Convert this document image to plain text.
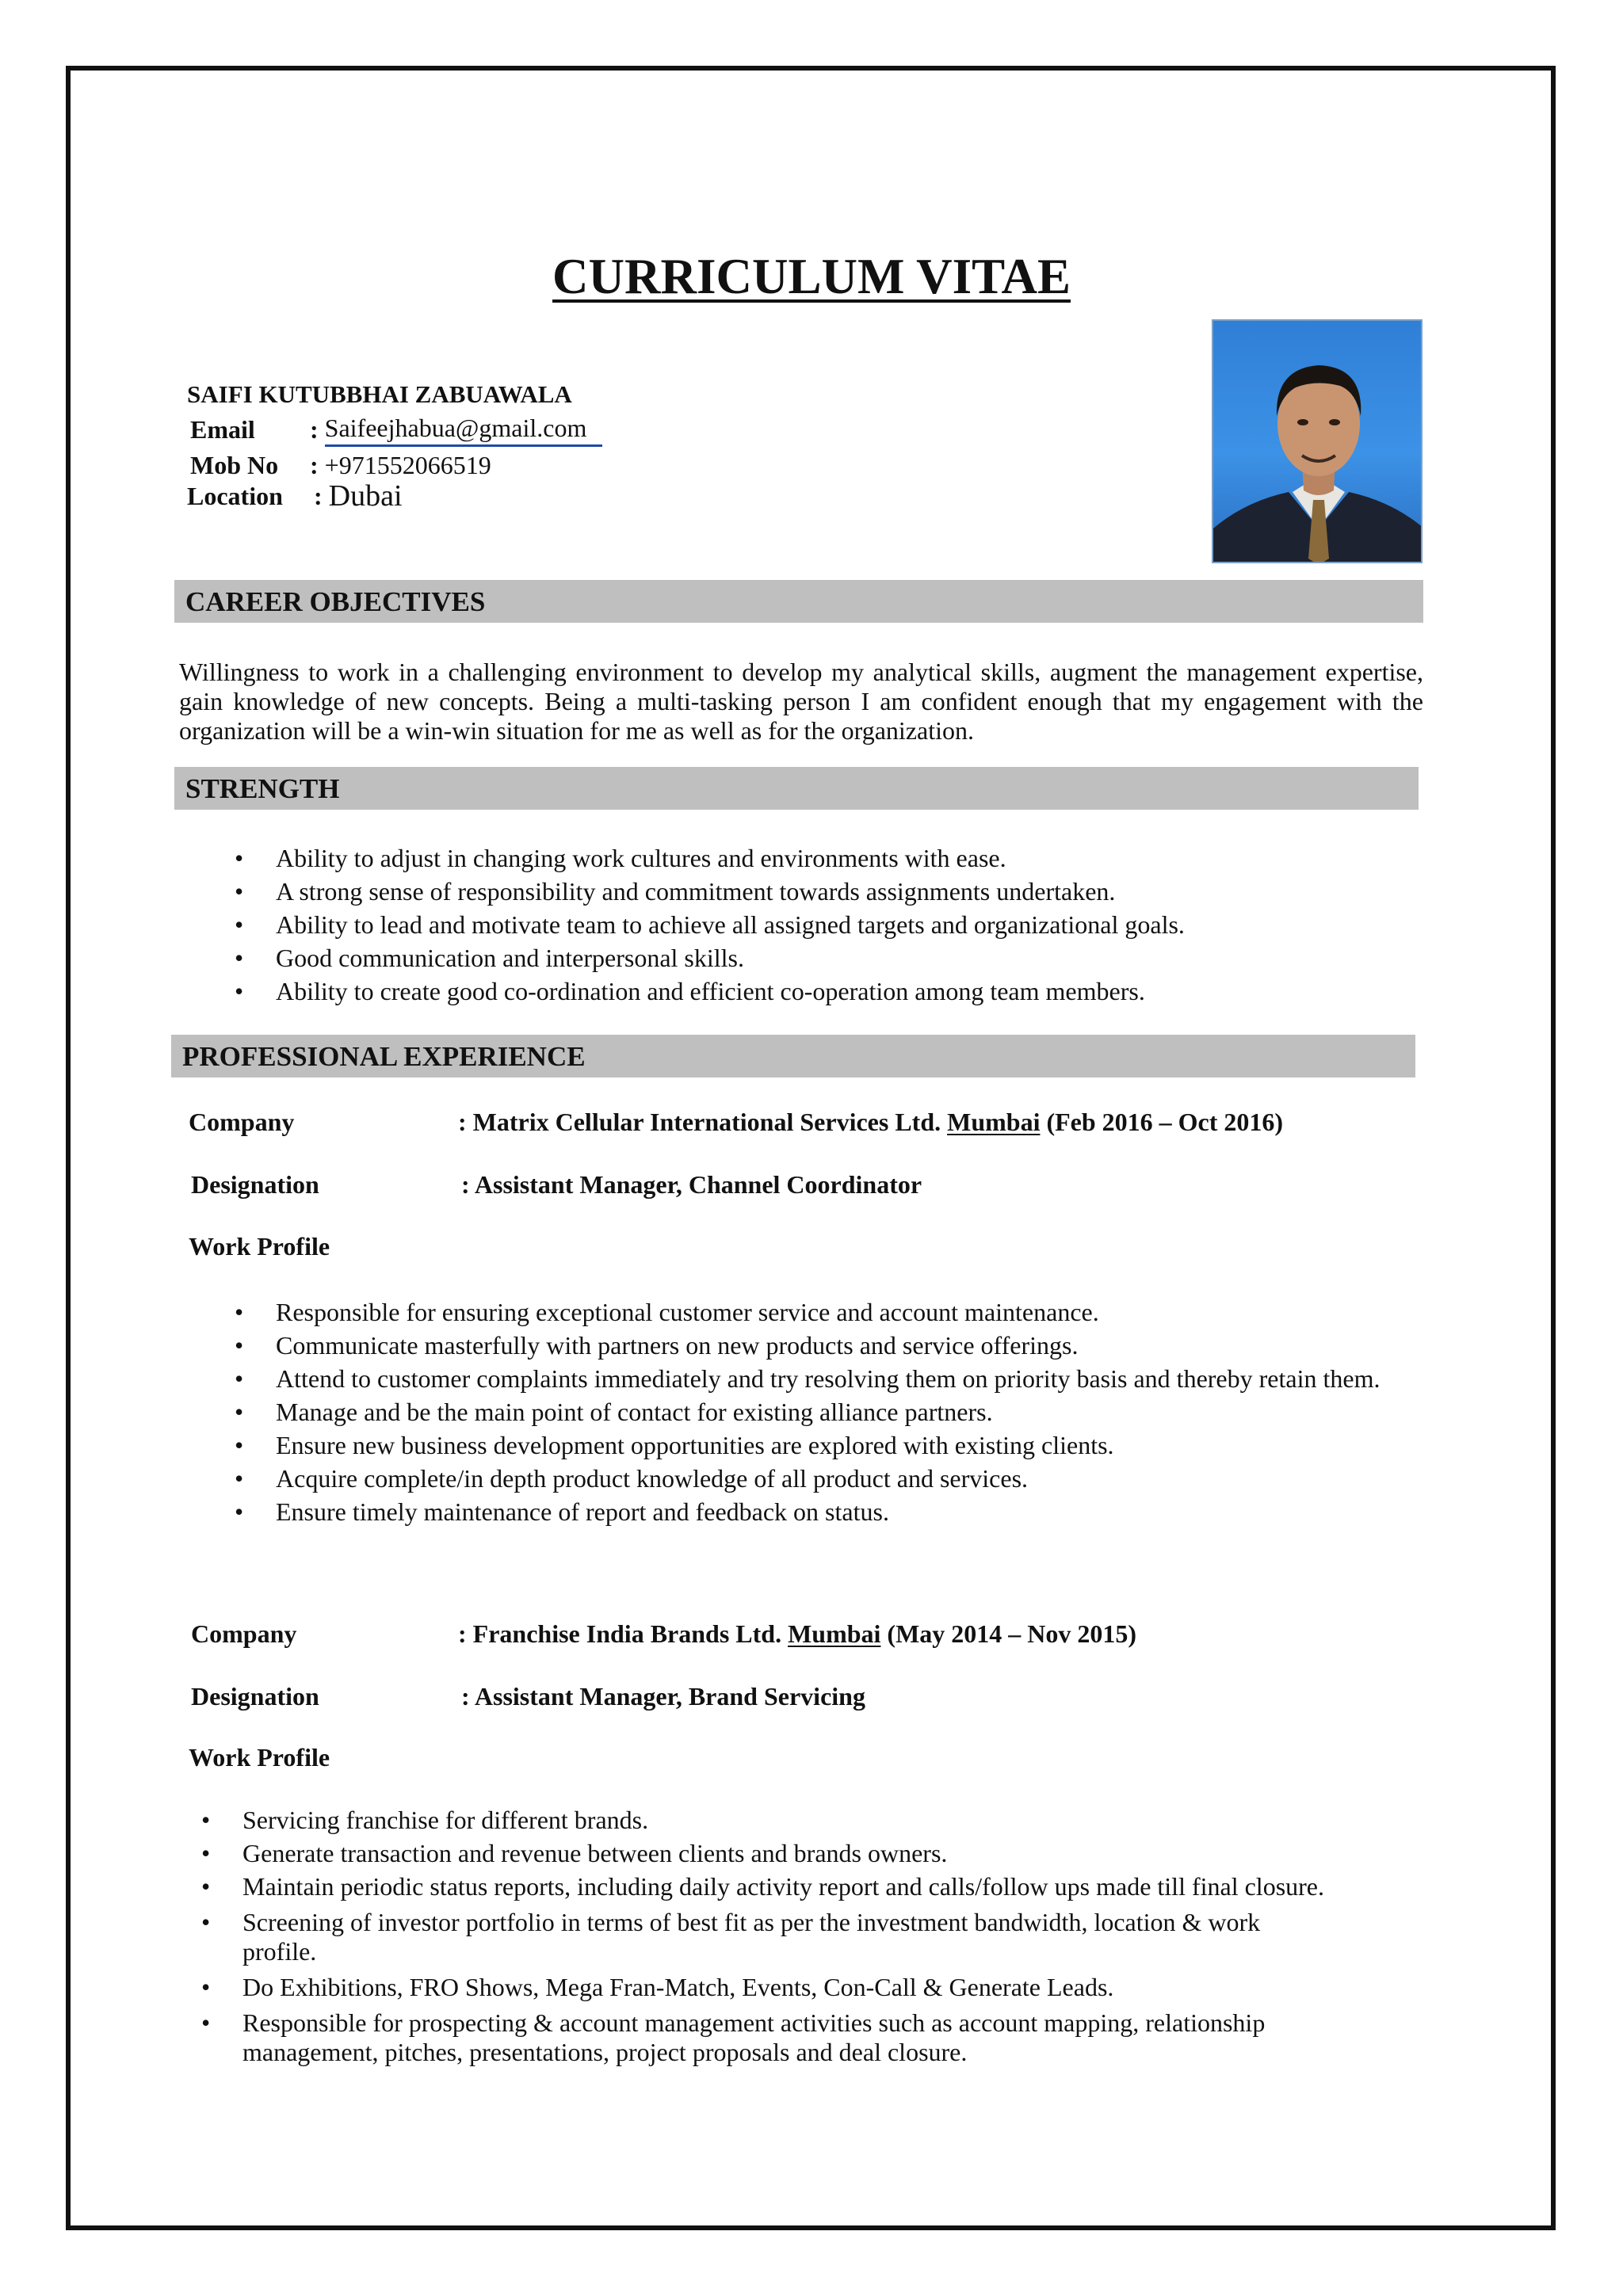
CURRICULUM VITAE
SAIFI KUTUBBHAI ZABUAWALA
Email	: Saifeejhabua@gmail.com
Mob No	: +971552066519
Location	: Dubai
CAREER OBJECTIVES
Willingness to work in a challenging environment to develop my analytical skills, augment the management expertise, gain knowledge of new concepts. Being a multi-tasking person I am confident enough that my engagement with the organization will be a win-win situation for me as well as for the organization.
STRENGTH
• Ability to adjust in changing work cultures and environments with ease.
• A strong sense of responsibility and commitment towards assignments undertaken.
• Ability to lead and motivate team to achieve all assigned targets and organizational goals.
• Good communication and interpersonal skills.
• Ability to create good co-ordination and efficient co-operation among team members.
PROFESSIONAL EXPERIENCE
Company	: Matrix Cellular International Services Ltd. Mumbai (Feb 2016 – Oct 2016)
Designation	: Assistant Manager, Channel Coordinator
Work Profile
• Responsible for ensuring exceptional customer service and account maintenance.
• Communicate masterfully with partners on new products and service offerings.
• Attend to customer complaints immediately and try resolving them on priority basis and thereby retain them.
• Manage and be the main point of contact for existing alliance partners.
• Ensure new business development opportunities are explored with existing clients.
• Acquire complete/in depth product knowledge of all product and services.
• Ensure timely maintenance of report and feedback on status.
Company	: Franchise India Brands Ltd. Mumbai (May 2014 – Nov 2015)
Designation	: Assistant Manager, Brand Servicing
Work Profile
• Servicing franchise for different brands.
• Generate transaction and revenue between clients and brands owners.
• Maintain periodic status reports, including daily activity report and calls/follow ups made till final closure.
• Screening of investor portfolio in terms of best fit as per the investment bandwidth, location & work profile.
• Do Exhibitions, FRO Shows, Mega Fran-Match, Events, Con-Call & Generate Leads.
• Responsible for prospecting & account management activities such as account mapping, relationship management, pitches, presentations, project proposals and deal closure.
